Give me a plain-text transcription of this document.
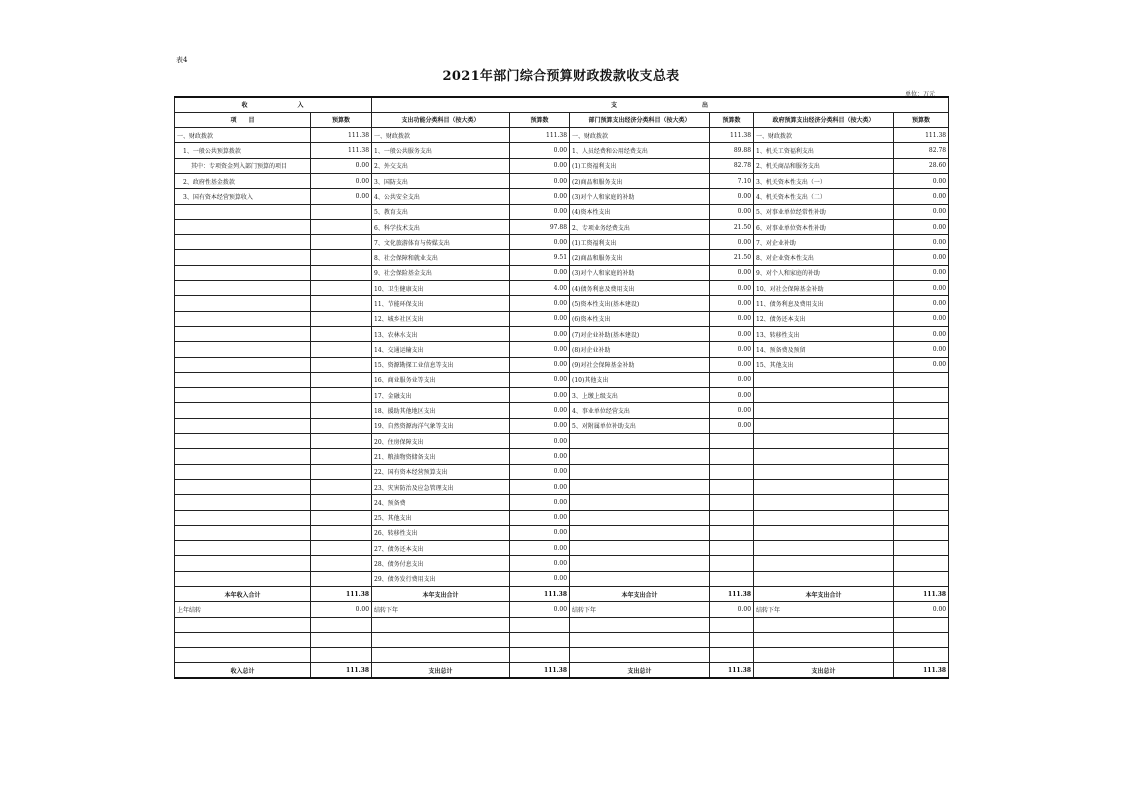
表4
2021年部门综合预算财政拨款收支总表
单位：万元
收　　　　　　　入		支　　　　　　　　　　　　出					
项　　目	预算数	支出功能分类科目（按大类）	预算数	部门预算支出经济分类科目（按大类）	预算数	政府预算支出经济分类科目（按大类）	预算数
一、财政拨款	111.38	一、财政拨款	111.38	一、财政拨款	111.38	一、财政拨款	111.38
1、一般公共预算拨款	111.38	1、一般公共服务支出	0.00	1、人员经费和公用经费支出	89.88	1、机关工资福利支出	82.78
其中：专项资金列入部门预算的项目	0.00	2、外交支出	0.00	(1)工资福利支出	82.78	2、机关商品和服务支出	28.60
2、政府性基金拨款	0.00	3、国防支出	0.00	(2)商品和服务支出	7.10	3、机关资本性支出（一）	0.00
3、国有资本经营预算收入	0.00	4、公共安全支出	0.00	(3)对个人和家庭的补助	0.00	4、机关资本性支出（二）	0.00
		5、教育支出	0.00	(4)资本性支出	0.00	5、对事业单位经常性补助	0.00
		6、科学技术支出	97.88	2、专项业务经费支出	21.50	6、对事业单位资本性补助	0.00
		7、文化旅游体育与传媒支出	0.00	(1)工资福利支出	0.00	7、对企业补助	0.00
		8、社会保障和就业支出	9.51	(2)商品和服务支出	21.50	8、对企业资本性支出	0.00
		9、社会保险基金支出	0.00	(3)对个人和家庭的补助	0.00	9、对个人和家庭的补助	0.00
		10、卫生健康支出	4.00	(4)债务利息及费用支出	0.00	10、对社会保障基金补助	0.00
		11、节能环保支出	0.00	(5)资本性支出(基本建设)	0.00	11、债务利息及费用支出	0.00
		12、城乡社区支出	0.00	(6)资本性支出	0.00	12、债务还本支出	0.00
		13、农林水支出	0.00	(7)对企业补助(基本建设)	0.00	13、转移性支出	0.00
		14、交通运输支出	0.00	(8)对企业补助	0.00	14、预备费及预留	0.00
		15、资源勘探工业信息等支出	0.00	(9)对社会保障基金补助	0.00	15、其他支出	0.00
		16、商业服务业等支出	0.00	(10)其他支出	0.00		
		17、金融支出	0.00	3、上缴上级支出	0.00		
		18、援助其他地区支出	0.00	4、事业单位经营支出	0.00		
		19、自然资源海洋气象等支出	0.00	5、对附属单位补助支出	0.00		
		20、住房保障支出	0.00				
		21、粮油物资储备支出	0.00				
		22、国有资本经营预算支出	0.00				
		23、灾害防治及应急管理支出	0.00				
		24、预备费	0.00				
		25、其他支出	0.00				
		26、转移性支出	0.00				
		27、债务还本支出	0.00				
		28、债务付息支出	0.00				
		29、债务发行费用支出	0.00				
本年收入合计	111.38	本年支出合计	111.38	本年支出合计	111.38	本年支出合计	111.38
上年结转	0.00	结转下年	0.00	结转下年	0.00	结转下年	0.00

收入总计	111.38	支出总计	111.38	支出总计	111.38	支出总计	111.38
